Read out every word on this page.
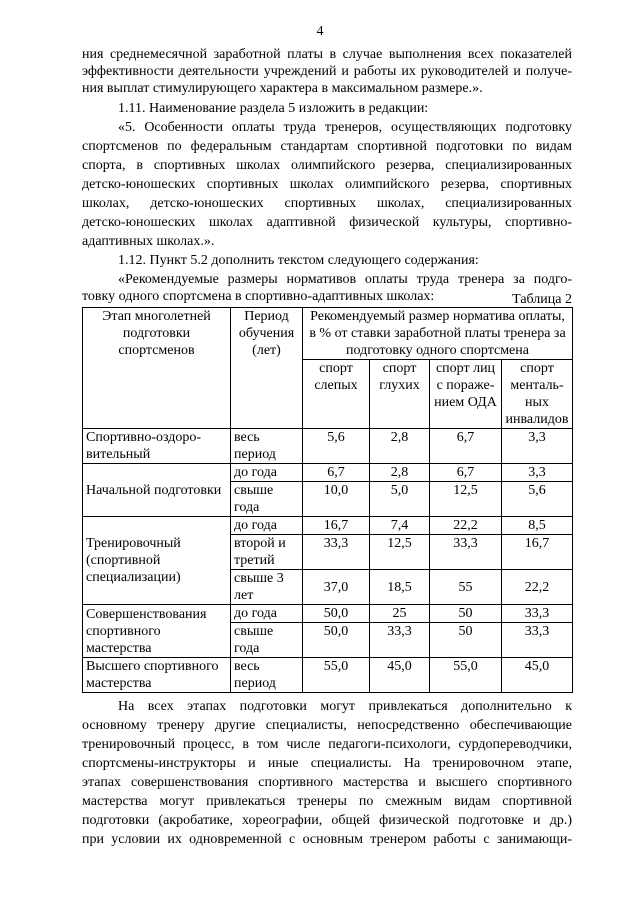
4
ния среднемесячной заработной платы в случае выполнения всех показателей
эффективности деятельности учреждений и работы их руководителей и получе-
ния выплат стимулирующего характера в максимальном размере.».
1.11. Наименование раздела 5 изложить в редакции:
«5. Особенности оплаты труда тренеров, осуществляющих подготовку
спортсменов по федеральным стандартам спортивной подготовки по видам
спорта, в спортивных школах олимпийского резерва, специализированных
детско-юношеских спортивных школах олимпийского резерва, спортивных
школах, детско-юношеских спортивных школах, специализированных
детско-юношеских школах адаптивной физической культуры, спортивно-
адаптивных школах.».
1.12. Пункт 5.2 дополнить текстом следующего содержания:
«Рекомендуемые размеры нормативов оплаты труда тренера за подго-
товку одного спортсмена в спортивно-адаптивных школах:	Таблица 2
Этап многолетней подготовки спортсменов	Период обучения (лет)	Рекомендуемый размер норматива оплаты, в % от ставки заработной платы тренера за подготовку одного спортсмена			
		спорт слепых	спорт глухих	спорт лиц с пораже-нием ОДА	спорт менталь-ных инвалидов
Спортивно-оздоро-вительный	весь период	5,6	2,8	6,7	3,3
Начальной подготовки	до года	6,7	2,8	6,7	3,3
	свыше года	10,0	5,0	12,5	5,6
Тренировочный (спортивной специализации)	до года	16,7	7,4	22,2	8,5
	второй и третий	33,3	12,5	33,3	16,7
	свыше 3 лет	37,0	18,5	55	22,2
Совершенствования спортивного мастерства	до года	50,0	25	50	33,3
	свыше года	50,0	33,3	50	33,3
Высшего спортивного мастерства	весь период	55,0	45,0	55,0	45,0
На всех этапах подготовки могут привлекаться дополнительно к
основному тренеру другие специалисты, непосредственно обеспечивающие
тренировочный процесс, в том числе педагоги-психологи, сурдопереводчики,
спортсмены-инструкторы и иные специалисты. На тренировочном этапе,
этапах совершенствования спортивного мастерства и высшего спортивного
мастерства могут привлекаться тренеры по смежным видам спортивной
подготовки (акробатике, хореографии, общей физической подготовке и др.)
при условии их одновременной с основным тренером работы с занимающи-
